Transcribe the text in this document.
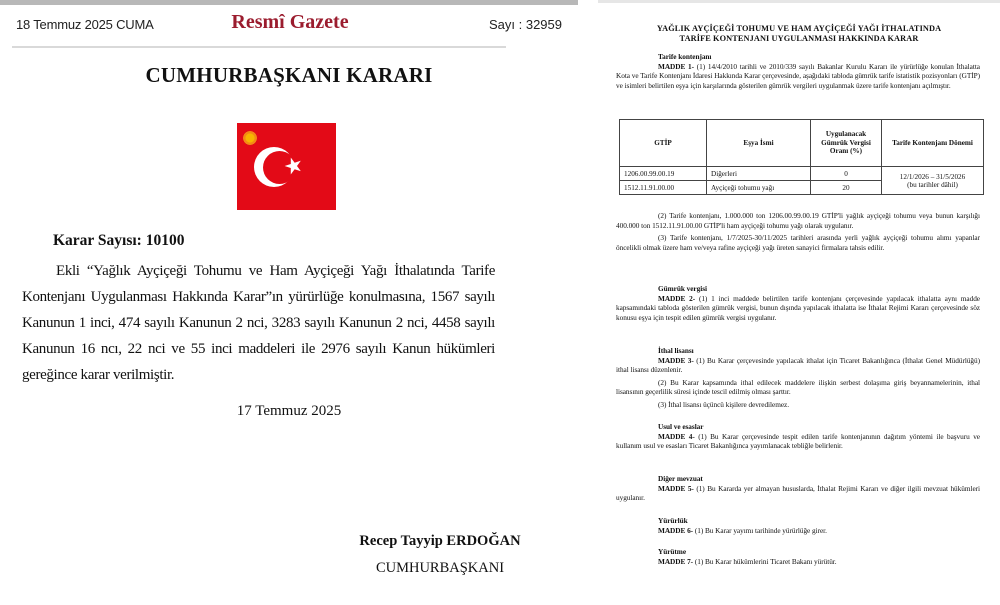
18 Temmuz 2025 CUMA	Resmî Gazete	Sayı : 32959
CUMHURBAŞKANI KARARI
★
Karar Sayısı: 10100
Ekli “Yağlık Ayçiçeği Tohumu ve Ham Ayçiçeği Yağı İthalatında Tarife Kontenjanı Uygulanması Hakkında Karar”ın yürürlüğe konulmasına, 1567 sayılı Kanunun 1 inci, 474 sayılı Kanunun 2 nci, 3283 sayılı Kanunun 2 nci, 4458 sayılı Kanunun 16 ncı, 22 nci ve 55 inci maddeleri ile 2976 sayılı Kanun hükümleri gereğince karar verilmiştir.
17 Temmuz 2025
Recep Tayyip ERDOĞAN
CUMHURBAŞKANI
YAĞLIK AYÇİÇEĞİ TOHUMU VE HAM AYÇİÇEĞİ YAĞI İTHALATINDA
TARİFE KONTENJANI UYGULANMASI HAKKINDA KARAR
Tarife kontenjanı
MADDE 1- (1) 14/4/2010 tarihli ve 2010/339 sayılı Bakanlar Kurulu Kararı ile yürürlüğe konulan İthalatta Kota ve Tarife Kontenjanı İdaresi Hakkında Karar çerçevesinde, aşağıdaki tabloda gümrük tarife istatistik pozisyonları (GTİP) ve isimleri belirtilen eşya için karşılarında gösterilen gümrük vergileri uygulanmak üzere tarife kontenjanı açılmıştır.
GTİP	Eşya İsmi	Uygulanacak Gümrük Vergisi Oranı (%)	Tarife Kontenjanı Dönemi
1206.00.99.00.19	Diğerleri	0	12/1/2026 – 31/5/2026
(bu tarihler dâhil)

1512.11.91.00.00	Ayçiçeği tohumu yağı	20	
(2) Tarife kontenjanı, 1.000.000 ton 1206.00.99.00.19 GTİP'li yağlık ayçiçeği tohumu veya bunun karşılığı 400.000 ton 1512.11.91.00.00 GTİP'li ham ayçiçeği tohumu yağı olarak uygulanır.
(3) Tarife kontenjanı, 1/7/2025-30/11/2025 tarihleri arasında yerli yağlık ayçiçeği tohumu alımı yapanlar öncelikli olmak üzere ham ve/veya rafine ayçiçeği yağı üreten sanayici firmalara tahsis edilir.
Gümrük vergisi
MADDE 2- (1) 1 inci maddede belirtilen tarife kontenjanı çerçevesinde yapılacak ithalatta aynı madde kapsamındaki tabloda gösterilen gümrük vergisi, bunun dışında yapılacak ithalatta ise İthalat Rejimi Kararı çerçevesinde söz konusu eşya için tespit edilen gümrük vergisi uygulanır.
İthal lisansı
MADDE 3- (1) Bu Karar çerçevesinde yapılacak ithalat için Ticaret Bakanlığınca (İthalat Genel Müdürlüğü) ithal lisansı düzenlenir.
(2) Bu Karar kapsamında ithal edilecek maddelere ilişkin serbest dolaşıma giriş beyannamelerinin, ithal lisansının geçerlilik süresi içinde tescil edilmiş olması şarttır.
(3) İthal lisansı üçüncü kişilere devredilemez.
Usul ve esaslar
MADDE 4- (1) Bu Karar çerçevesinde tespit edilen tarife kontenjanının dağıtım yöntemi ile başvuru ve kullanım usul ve esasları Ticaret Bakanlığınca yayımlanacak tebliğle belirlenir.
Diğer mevzuat
MADDE 5- (1) Bu Kararda yer almayan hususlarda, İthalat Rejimi Kararı ve diğer ilgili mevzuat hükümleri uygulanır.
Yürürlük
MADDE 6- (1) Bu Karar yayımı tarihinde yürürlüğe girer.
Yürütme
MADDE 7- (1) Bu Karar hükümlerini Ticaret Bakanı yürütür.
